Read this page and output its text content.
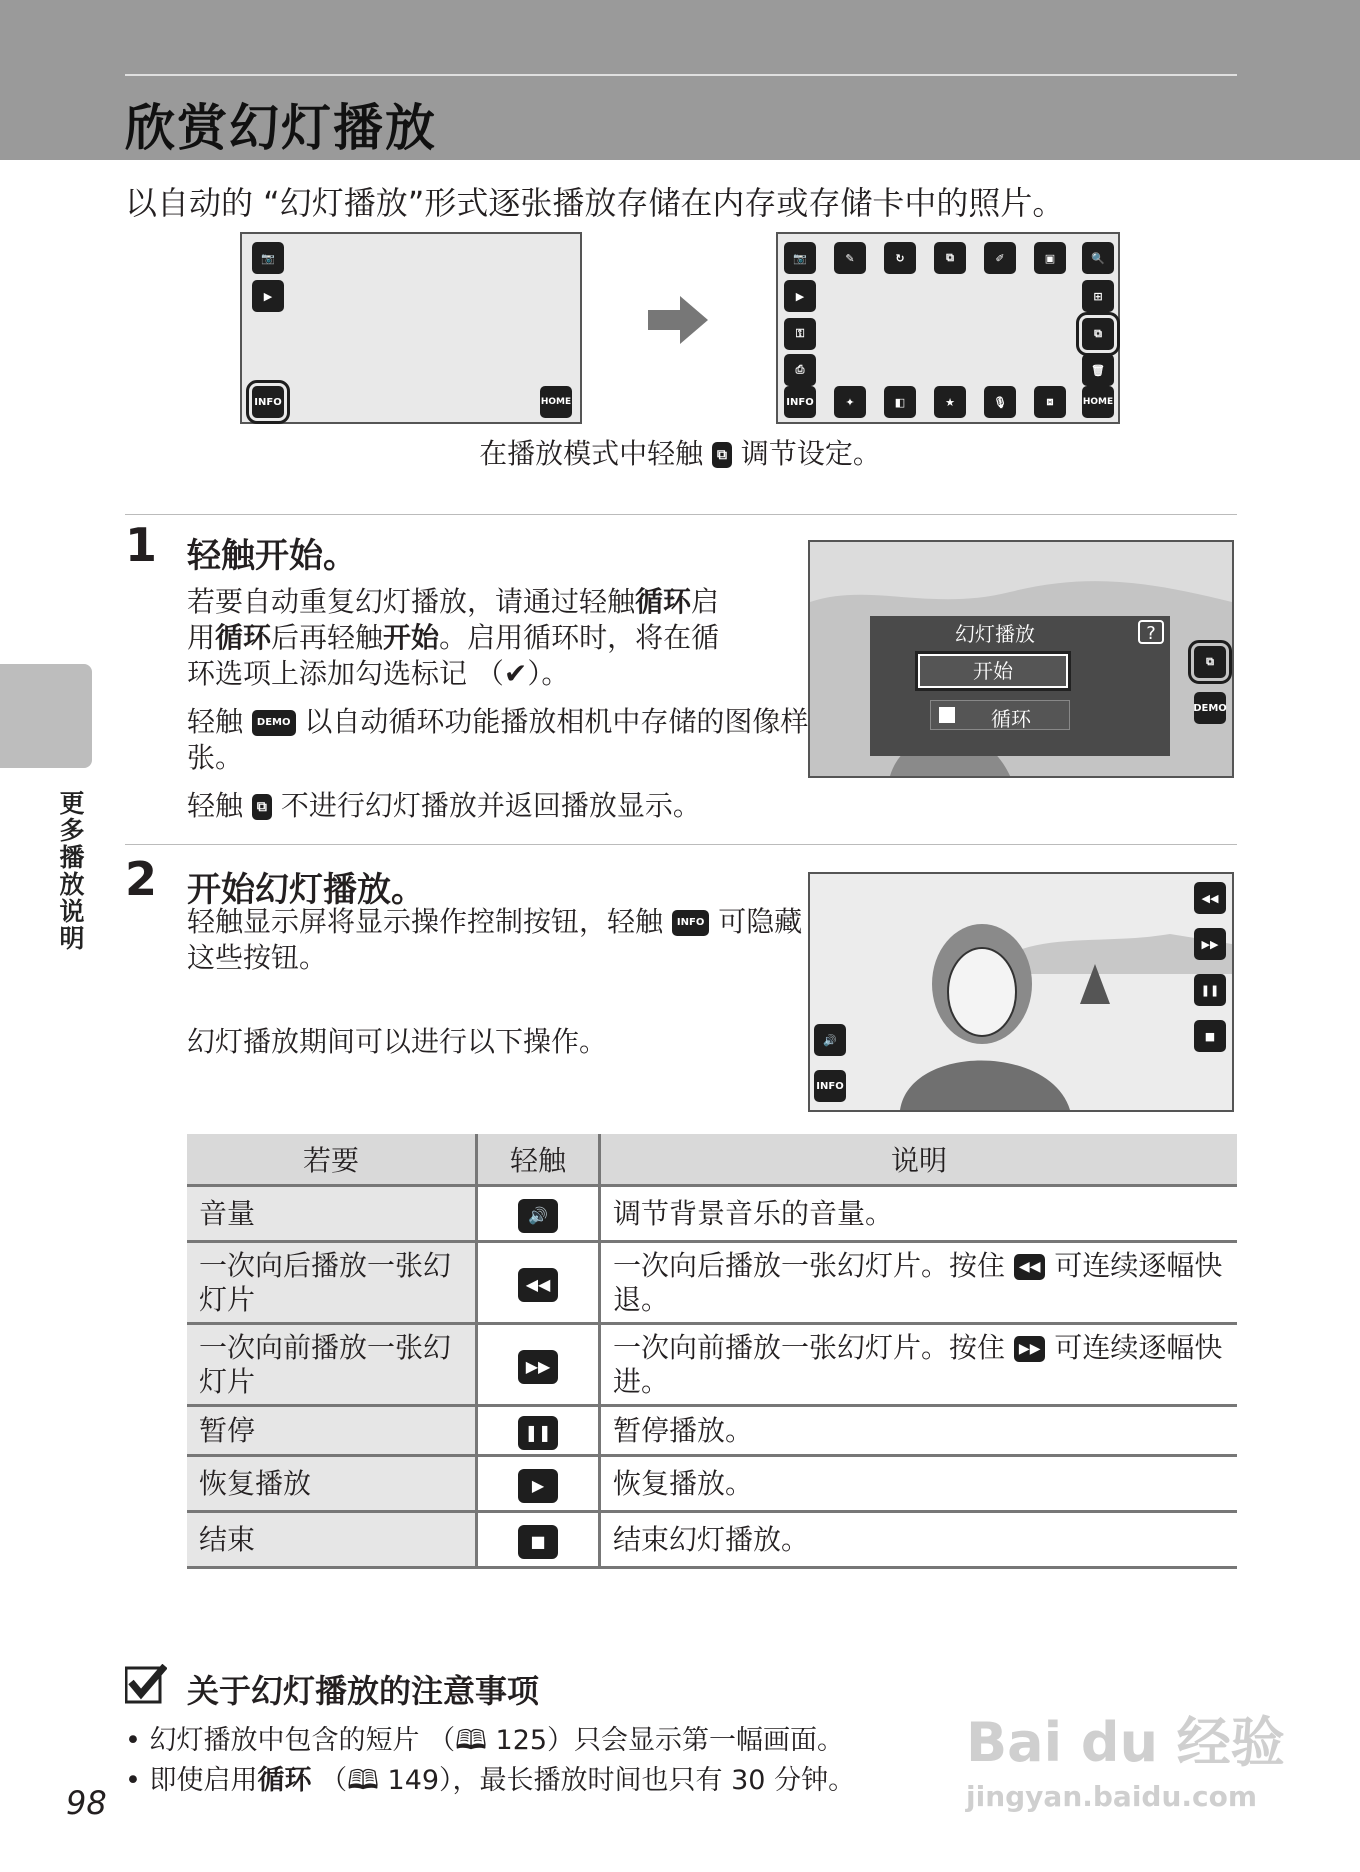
欣赏幻灯播放
以自动的 “幻灯播放”形式逐张播放存储在内存或存储卡中的照片。
📷
▶
INFO	HOME
📷	✎	↻	⧉	✐	▣	🔍
▶	⊞
⚿	⧉
⎙	🗑
INFO	✦	◧	★	🎙	⧈	HOME
在播放模式中轻触 ⧉ 调节设定。
1 轻触开始。
若要自动重复幻灯播放，请通过轻触循环启
用循环后再轻触开始。启用循环时，将在循
环选项上添加勾选标记 （✔）。
轻触 DEMO 以自动循环功能播放相机中存储的图像样张。
轻触 ⧉ 不进行幻灯播放并返回播放显示。
幻灯播放	?
开始
循环
⧉
DEMO
2 开始幻灯播放。
轻触显示屏将显示操作控制按钮，轻触 INFO 可隐藏这些按钮。
幻灯播放期间可以进行以下操作。
◀◀
▶▶
❚❚
■
🔊
INFO
若要	轻触	说明
音量	🔊	调节背景音乐的音量。
一次向后播放一张幻灯片	◀◀	一次向后播放一张幻灯片。按住 ◀◀ 可连续逐幅快退。
一次向前播放一张幻灯片	▶▶	一次向前播放一张幻灯片。按住 ▶▶ 可连续逐幅快进。
暂停	❚❚	暂停播放。
恢复播放	▶	恢复播放。
结束	■	结束幻灯播放。
更多播放说明
关于幻灯播放的注意事项
• 幻灯播放中包含的短片 （🕮 125）只会显示第一幅画面。
• 即使启用循环 （🕮 149），最长播放时间也只有 30 分钟。
98
Bai du 经验
jingyan.baidu.com
